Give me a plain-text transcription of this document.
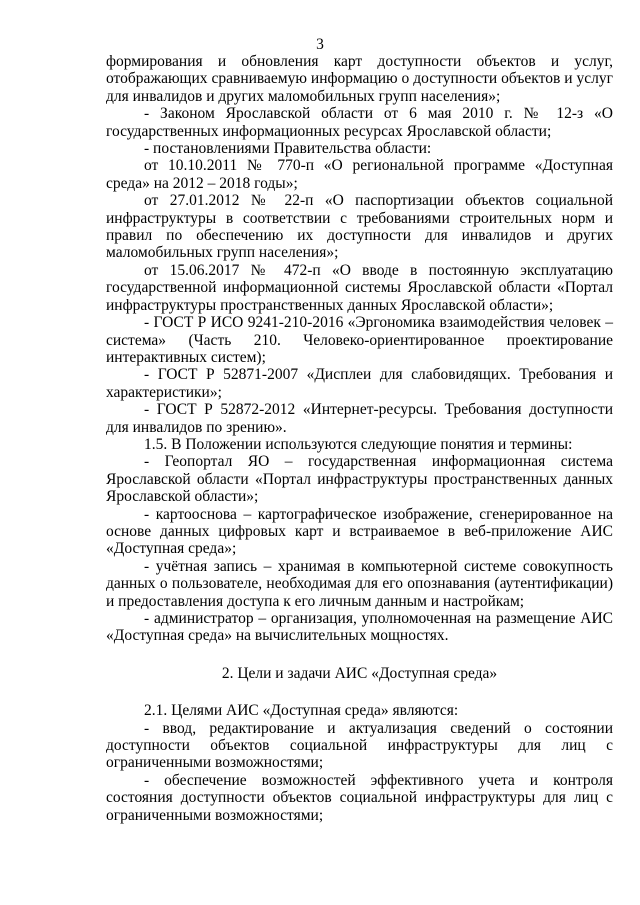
3

формирования и обновления карт доступности объектов и услуг, отображающих сравниваемую информацию о доступности объектов и услуг для инвалидов и других маломобильных групп населения»;

- Законом Ярославской области от 6 мая 2010 г. № 12-з «О государственных информационных ресурсах Ярославской области;

- постановлениями Правительства области:

от 10.10.2011 № 770-п «О региональной программе «Доступная среда» на 2012 – 2018 годы»;

от 27.01.2012 № 22-п «О паспортизации объектов социальной инфраструктуры в соответствии с требованиями строительных норм и правил по обеспечению их доступности для инвалидов и других маломобильных групп населения»;

от 15.06.2017 № 472-п «О вводе в постоянную эксплуатацию государственной информационной системы Ярославской области «Портал инфраструктуры пространственных данных Ярославской области»;

- ГОСТ Р ИСО 9241-210-2016 «Эргономика взаимодействия человек – система» (Часть 210. Человеко-ориентированное проектирование интерактивных систем);

- ГОСТ Р 52871-2007 «Дисплеи для слабовидящих. Требования и характеристики»;

- ГОСТ Р 52872-2012 «Интернет-ресурсы. Требования доступности для инвалидов по зрению».

1.5. В Положении используются следующие понятия и термины:

- Геопортал ЯО – государственная информационная система Ярославской области «Портал инфраструктуры пространственных данных Ярославской области»;

- картооснова – картографическое изображение, сгенерированное на основе данных цифровых карт и встраиваемое в веб-приложение АИС «Доступная среда»;

- учётная запись – хранимая в компьютерной системе совокупность данных о пользователе, необходимая для его опознавания (аутентификации) и предоставления доступа к его личным данным и настройкам;

- администратор – организация, уполномоченная на размещение АИС «Доступная среда» на вычислительных мощностях.

2. Цели и задачи АИС «Доступная среда»

2.1. Целями АИС «Доступная среда» являются:

- ввод, редактирование и актуализация сведений о состоянии доступности объектов социальной инфраструктуры для лиц с ограниченными возможностями;

- обеспечение возможностей эффективного учета и контроля состояния доступности объектов социальной инфраструктуры для лиц с ограниченными возможностями;
